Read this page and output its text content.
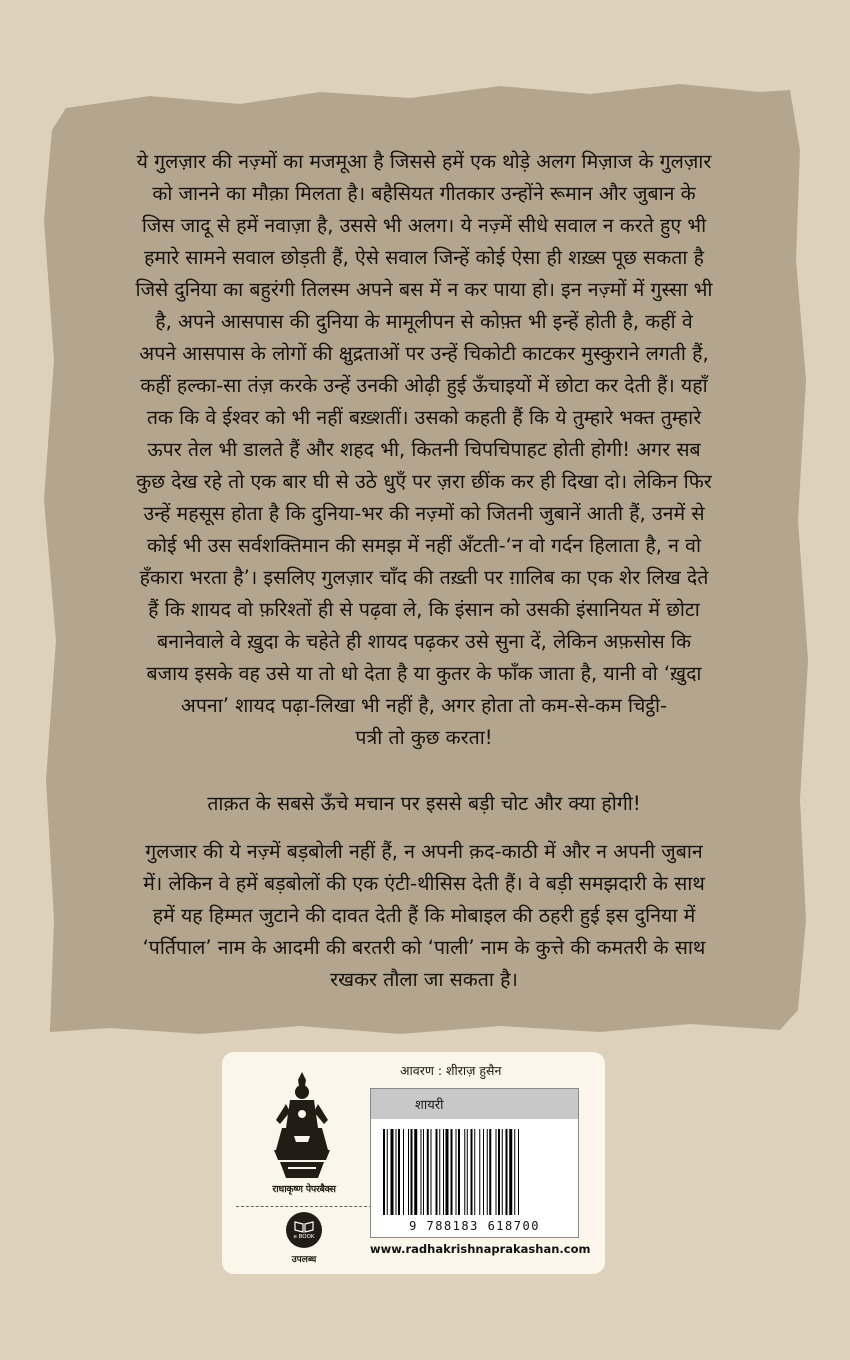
ये गुलज़ार की नज़्मों का मजमूआ है जिससे हमें एक थोड़े अलग मिज़ाज के गुलज़ार
को जानने का मौक़ा मिलता है। बहैसियत गीतकार उन्होंने रूमान और जुबान के
जिस जादू से हमें नवाज़ा है, उससे भी अलग। ये नज़्में सीधे सवाल न करते हुए भी
हमारे सामने सवाल छोड़ती हैं, ऐसे सवाल जिन्हें कोई ऐसा ही शख़्स पूछ सकता है
जिसे दुनिया का बहुरंगी तिलस्म अपने बस में न कर पाया हो। इन नज़्मों में गुस्सा भी
है, अपने आसपास की दुनिया के मामूलीपन से कोफ़्त भी इन्हें होती है, कहीं वे
अपने आसपास के लोगों की क्षुद्रताओं पर उन्हें चिकोटी काटकर मुस्कुराने लगती हैं,
कहीं हल्का-सा तंज़ करके उन्हें उनकी ओढ़ी हुई ऊँचाइयों में छोटा कर देती हैं। यहाँ
तक कि वे ईश्वर को भी नहीं बख़्शतीं। उसको कहती हैं कि ये तुम्हारे भक्त तुम्हारे
ऊपर तेल भी डालते हैं और शहद भी, कितनी चिपचिपाहट होती होगी! अगर सब
कुछ देख रहे तो एक बार घी से उठे धुएँ पर ज़रा छींक कर ही दिखा दो। लेकिन फिर
उन्हें महसूस होता है कि दुनिया-भर की नज़्मों को जितनी जुबानें आती हैं, उनमें से
कोई भी उस सर्वशक्तिमान की समझ में नहीं अँटती-‘न वो गर्दन हिलाता है, न वो
हँकारा भरता है’। इसलिए गुलज़ार चाँद की तख़्ती पर ग़ालिब का एक शेर लिख देते
हैं कि शायद वो फ़रिश्तों ही से पढ़वा ले, कि इंसान को उसकी इंसानियत में छोटा
बनानेवाले वे ख़ुदा के चहेते ही शायद पढ़कर उसे सुना दें, लेकिन अफ़सोस कि
बजाय इसके वह उसे या तो धो देता है या कुतर के फाँक जाता है, यानी वो ‘ख़ुदा
अपना’ शायद पढ़ा-लिखा भी नहीं है, अगर होता तो कम-से-कम चिट्ठी-
पत्री तो कुछ करता!
ताक़त के सबसे ऊँचे मचान पर इससे बड़ी चोट और क्या होगी!
गुलजार की ये नज़्में बड़बोली नहीं हैं, न अपनी क़द-काठी में और न अपनी जुबान
में। लेकिन वे हमें बड़बोलों की एक एंटी-थीसिस देती हैं। वे बड़ी समझदारी के साथ
हमें यह हिम्मत जुटाने की दावत देती हैं कि मोबाइल की ठहरी हुई इस दुनिया में
‘पर्तिपाल’ नाम के आदमी की बरतरी को ‘पाली’ नाम के कुत्ते की कमतरी के साथ
रखकर तौला जा सकता है।
राधाकृष्ण पेपरबैक्स
e BOOK
उपलब्ध
आवरण : शीराज़ हुसैन
शायरी
9 788183 618700
www.radhakrishnaprakashan.com
